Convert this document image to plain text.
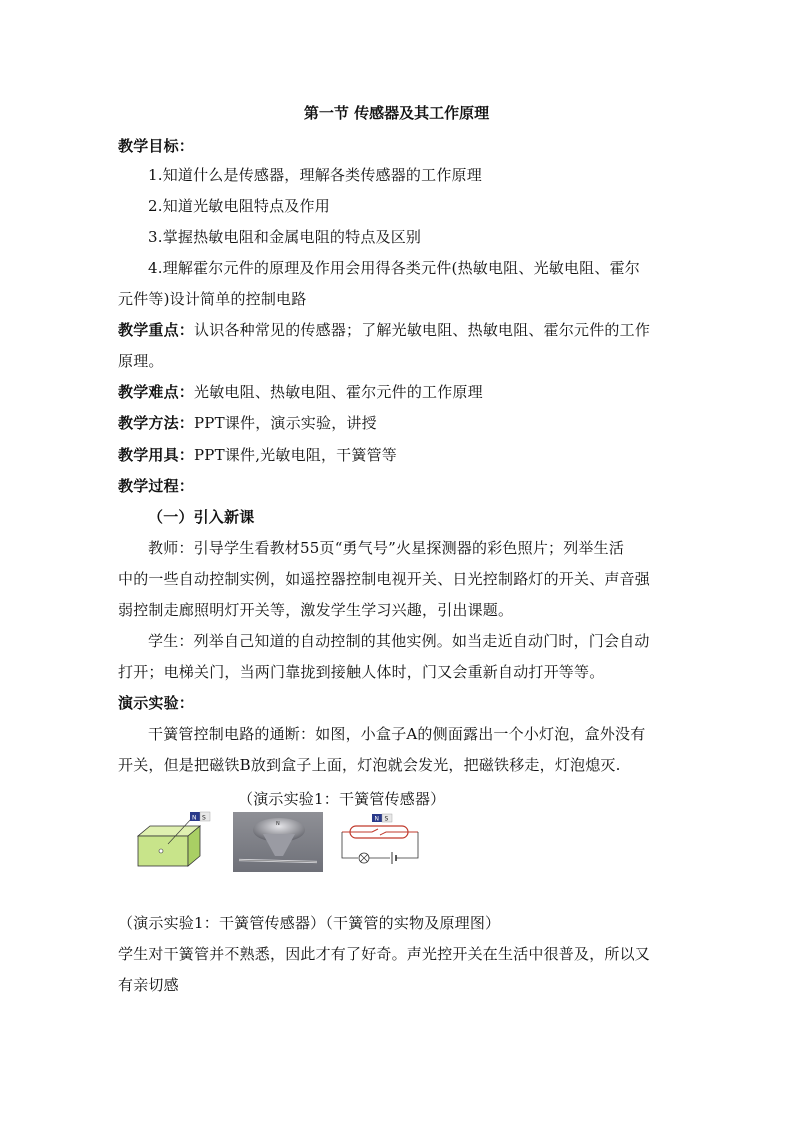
第一节 传感器及其工作原理
教学目标：
1.知道什么是传感器，理解各类传感器的工作原理
2.知道光敏电阻特点及作用
3.掌握热敏电阻和金属电阻的特点及区别
4.理解霍尔元件的原理及作用会用得各类元件(热敏电阻、光敏电阻、霍尔
元件等)设计简单的控制电路
教学重点：认识各种常见的传感器；了解光敏电阻、热敏电阻、霍尔元件的工作
原理。
教学难点：光敏电阻、热敏电阻、霍尔元件的工作原理
教学方法：PPT课件，演示实验，讲授
教学用具：PPT课件,光敏电阻，干簧管等
教学过程：
（一）引入新课
教师：引导学生看教材55页“勇气号”火星探测器的彩色照片；列举生活
中的一些自动控制实例，如遥控器控制电视开关、日光控制路灯的开关、声音强
弱控制走廊照明灯开关等，激发学生学习兴趣，引出课题。
学生：列举自己知道的自动控制的其他实例。如当走近自动门时，门会自动
打开；电梯关门，当两门靠拢到接触人体时，门又会重新自动打开等等。
演示实验：
干簧管控制电路的通断：如图，小盒子A的侧面露出一个小灯泡，盒外没有
开关，但是把磁铁B放到盒子上面，灯泡就会发光，把磁铁移走，灯泡熄灭.
（演示实验1：干簧管传感器）
N S
N
N S
（演示实验1：干簧管传感器）（干簧管的实物及原理图）
学生对干簧管并不熟悉，因此才有了好奇。声光控开关在生活中很普及，所以又
有亲切感
